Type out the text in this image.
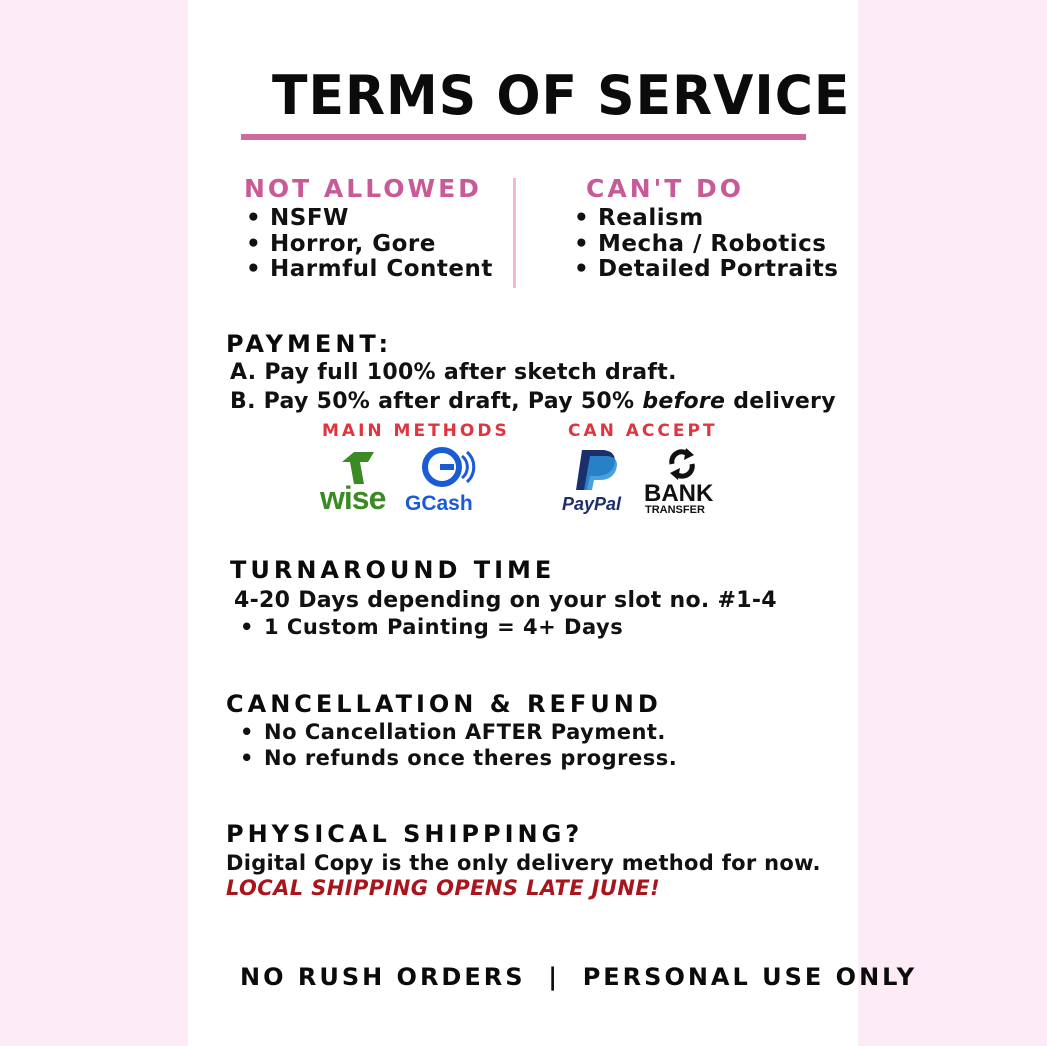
TERMS OF SERVICE
NOT ALLOWED
• NSFW
• Horror, Gore
• Harmful Content
CAN'T DO
• Realism
• Mecha / Robotics
• Detailed Portraits
PAYMENT:
A. Pay full 100% after sketch draft.
B. Pay 50% after draft, Pay 50% before delivery
MAIN METHODS	CAN ACCEPT
wise GCash	PayPal BANK
TRANSFER
TURNAROUND TIME
4-20 Days depending on your slot no. #1-4
• 1 Custom Painting = 4+ Days
CANCELLATION & REFUND
• No Cancellation AFTER Payment.
• No refunds once theres progress.
PHYSICAL SHIPPING?
Digital Copy is the only delivery method for now.
LOCAL SHIPPING OPENS LATE JUNE!
NO RUSH ORDERS  |  PERSONAL USE ONLY
